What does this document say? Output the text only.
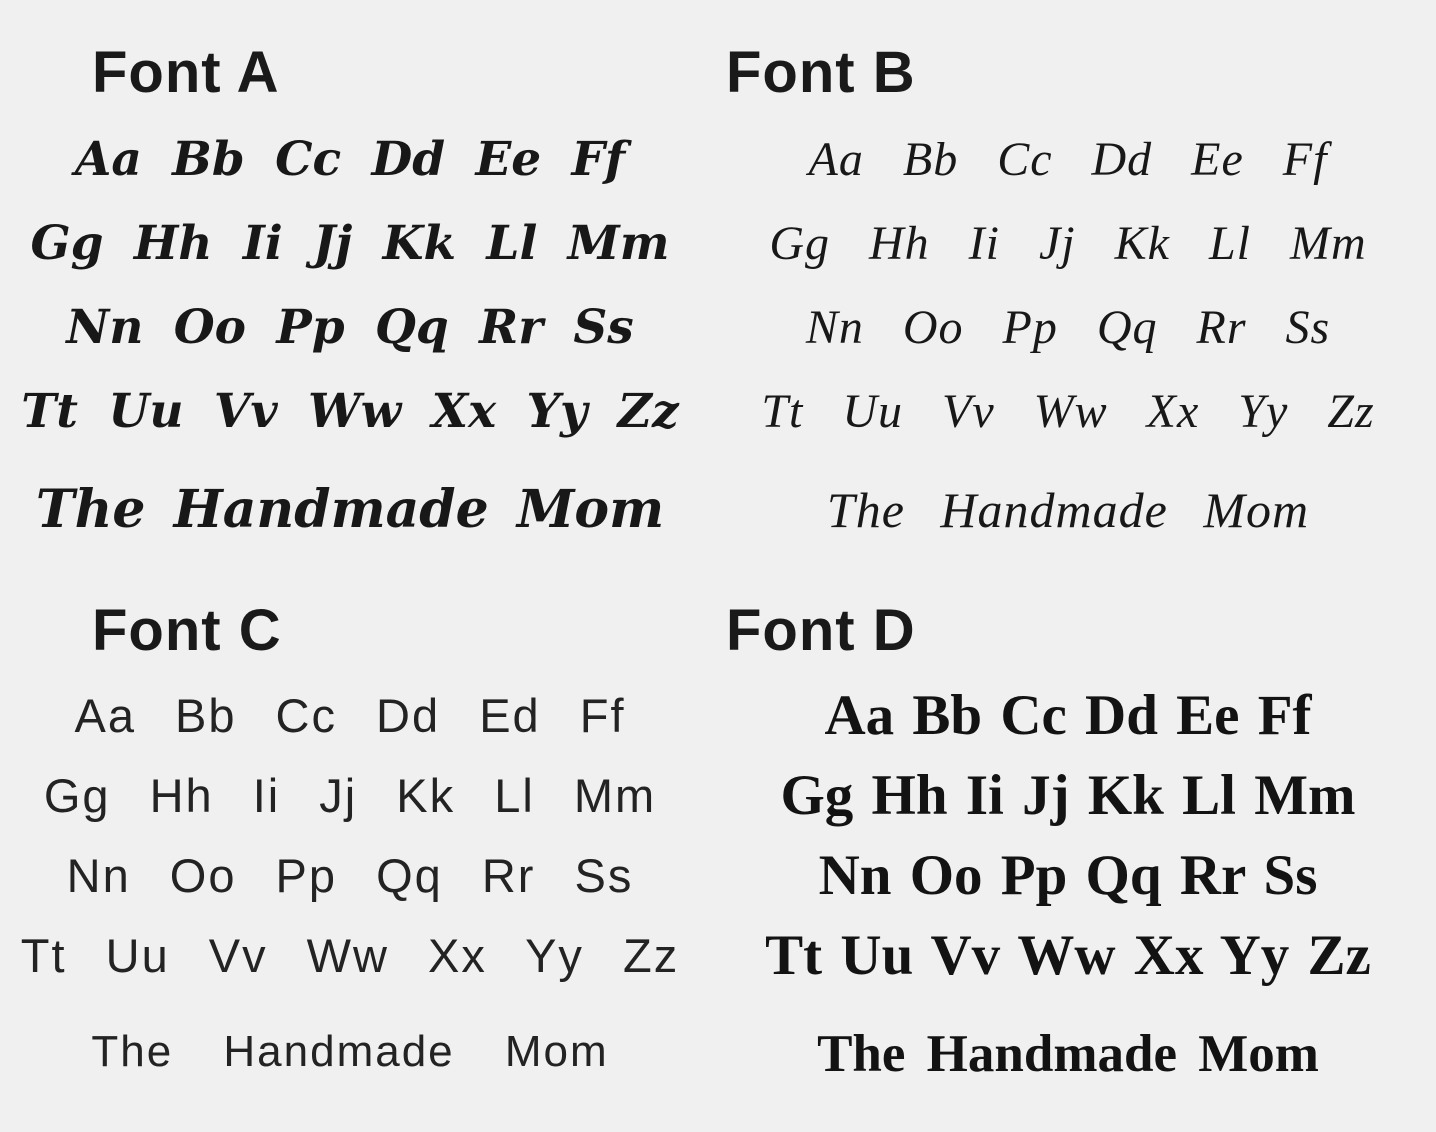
Font A
Aa Bb Cc Dd Ee Ff
Gg Hh Ii Jj Kk Ll Mm
Nn Oo Pp Qq Rr Ss
Tt Uu Vv Ww Xx Yy Zz
The Handmade Mom
Font B
Aa Bb Cc Dd Ee Ff
Gg Hh Ii Jj Kk Ll Mm
Nn Oo Pp Qq Rr Ss
Tt Uu Vv Ww Xx Yy Zz
The Handmade Mom
Font C
Aa Bb Cc Dd Ed Ff
Gg Hh Ii Jj Kk Ll Mm
Nn Oo Pp Qq Rr Ss
Tt Uu Vv Ww Xx Yy Zz
The Handmade Mom
Font D
Aa Bb Cc Dd Ee Ff
Gg Hh Ii Jj Kk Ll Mm
Nn Oo Pp Qq Rr Ss
Tt Uu Vv Ww Xx Yy Zz
The Handmade Mom
